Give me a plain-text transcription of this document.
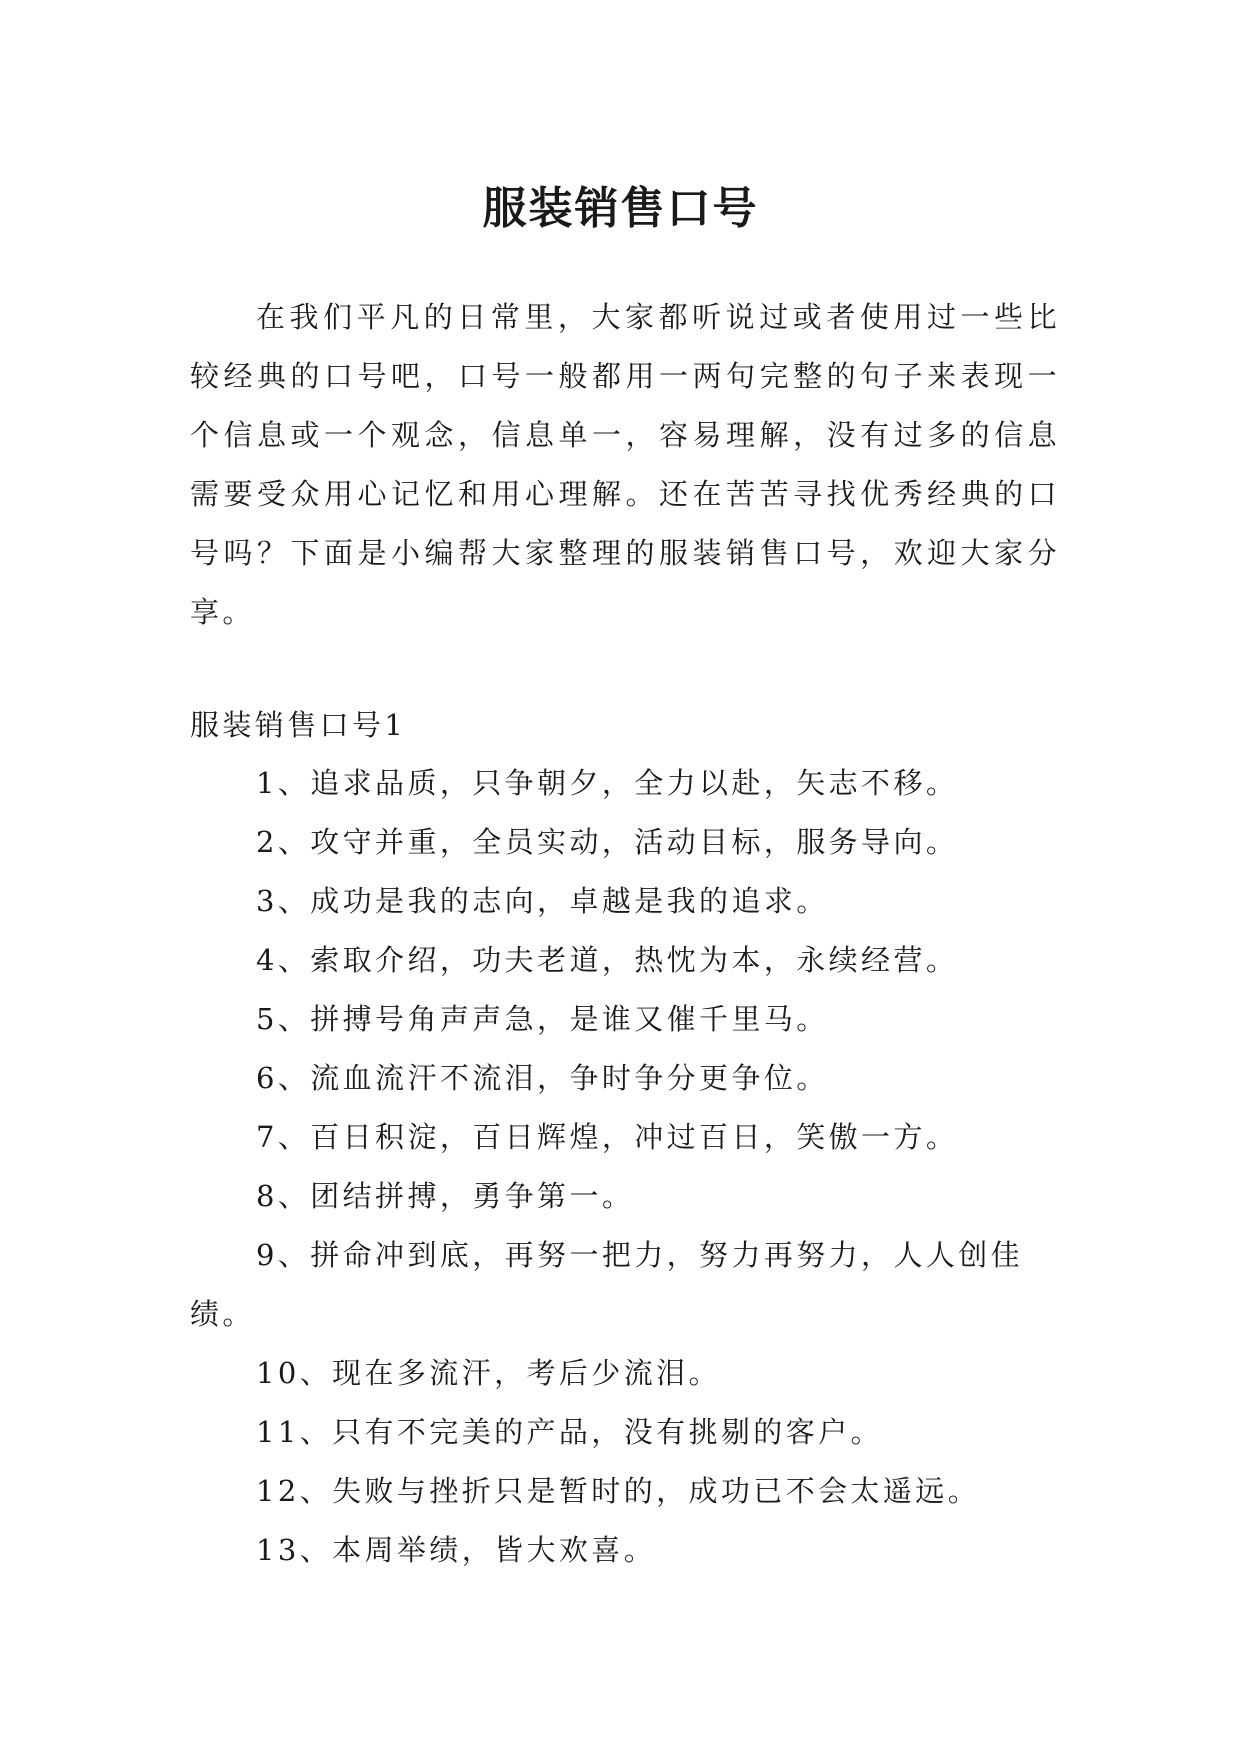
服装销售口号

在我们平凡的日常里，大家都听说过或者使用过一些比较经典的口号吧，口号一般都用一两句完整的句子来表现一个信息或一个观念，信息单一，容易理解，没有过多的信息需要受众用心记忆和用心理解。还在苦苦寻找优秀经典的口号吗？下面是小编帮大家整理的服装销售口号，欢迎大家分享。

服装销售口号1

1、追求品质，只争朝夕，全力以赴，矢志不移。
2、攻守并重，全员实动，活动目标，服务导向。
3、成功是我的志向，卓越是我的追求。
4、索取介绍，功夫老道，热忱为本，永续经营。
5、拼搏号角声声急，是谁又催千里马。
6、流血流汗不流泪，争时争分更争位。
7、百日积淀，百日辉煌，冲过百日，笑傲一方。
8、团结拼搏，勇争第一。
9、拼命冲到底，再努一把力，努力再努力，人人创佳绩。
10、现在多流汗，考后少流泪。
11、只有不完美的产品，没有挑剔的客户。
12、失败与挫折只是暂时的，成功已不会太遥远。
13、本周举绩，皆大欢喜。
